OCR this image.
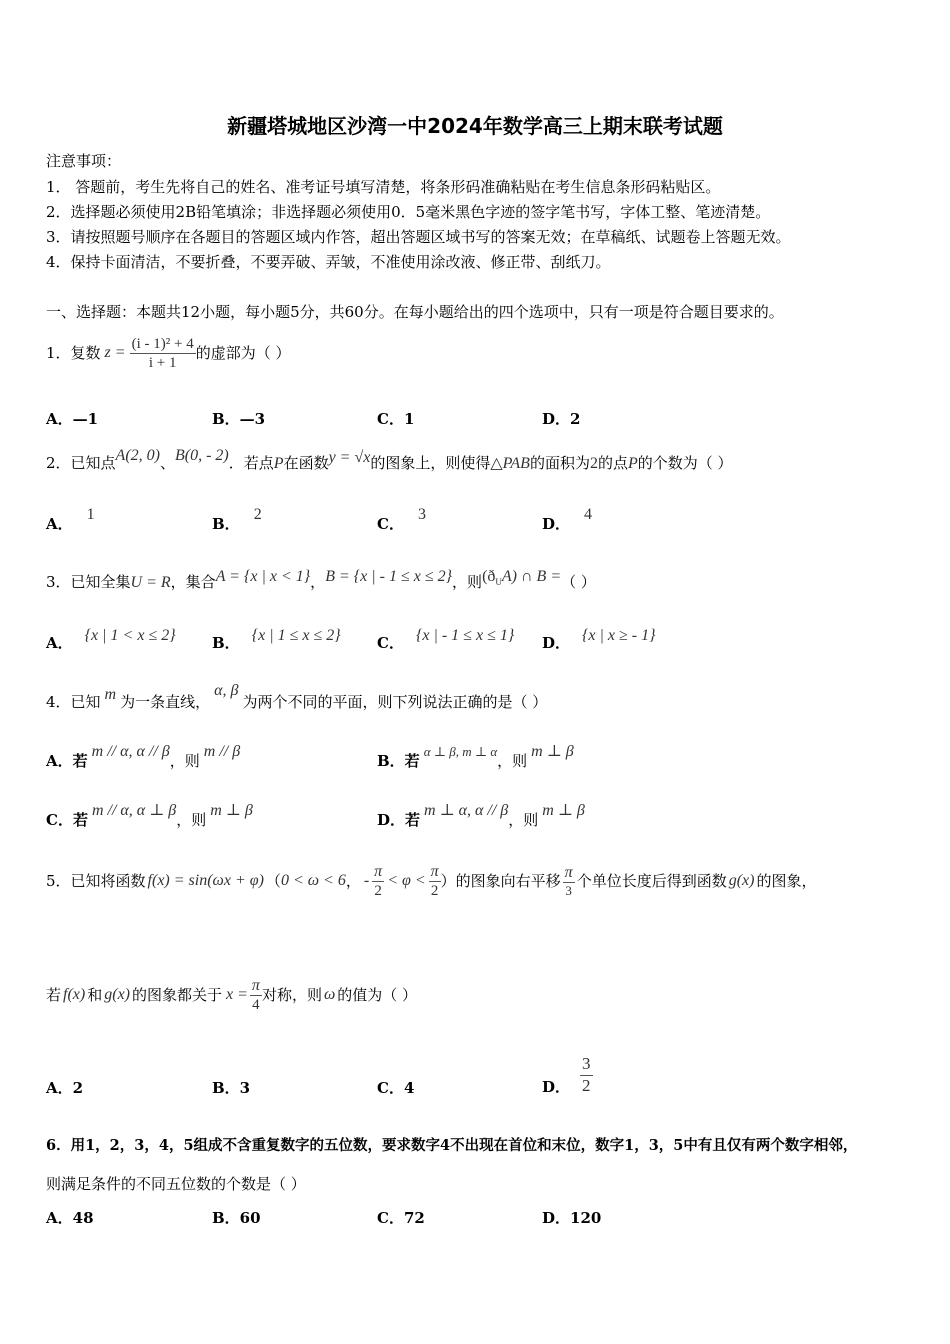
新疆塔城地区沙湾一中2024年数学高三上期末联考试题
注意事项：
1． 答题前，考生先将自己的姓名、准考证号填写清楚，将条形码准确粘贴在考生信息条形码粘贴区。
2．选择题必须使用2B铅笔填涂；非选择题必须使用0．5毫米黑色字迹的签字笔书写，字体工整、笔迹清楚。
3．请按照题号顺序在各题目的答题区域内作答，超出答题区域书写的答案无效；在草稿纸、试题卷上答题无效。
4．保持卡面清洁，不要折叠，不要弄破、弄皱，不准使用涂改液、修正带、刮纸刀。
一、选择题：本题共12小题，每小题5分，共60分。在每小题给出的四个选项中，只有一项是符合题目要求的。
1．复数 $z = \frac{\text{(i - 1)² + 4}}{i + 1}$ 的虚部为（ ）
A．—1	B．—3	C．1	D．2
2．已知点A(2, 0)、B(0, - 2)．若点P在函数y = √x的图象上，则使得△PAB的面积为2的点P的个数为（ ）
A．1
B．2
C．3
D．4
3．已知全集U = R，集合A = {x | x < 1}，B = {x | - 1 ≤ x ≤ 2}，则$(ð_UA)$ ∩ B =（ ）
A． {x | 1 < x ≤ 2} B． {x | 1 ≤ x ≤ 2} C． {x | - 1 ≤ x ≤ 1} D． {x | x ≥ - 1}
4．已知 m 为一条直线，α, β为两个不同的平面，则下列说法正确的是（ ）
A．若m // α, α // β，则m // β
B．若α ⊥ β, m ⊥ α，则m ⊥ β
C．若m // α, α ⊥ β，则m ⊥ β
D．若m ⊥ α, α // β，则m ⊥ β
5．已知将函数 f(x) = sin(ωx + φ) （ 0 < ω < 6 ， - $\frac{\pi}{2} < \varphi < \frac{\pi}{2}$ ）的图象向右平移 $\frac{\pi}{3}$ 个单位长度后得到函数 g(x) 的图象，
若 f(x) 和 g(x) 的图象都关于 $x = \frac{\pi}{4}$ 对称，则 ω 的值为（ ）
A．2	B．3	C．4	D． $\frac{3}{2}$
6．用1，2，3，4，5组成不含重复数字的五位数，要求数字4不出现在首位和末位，数字1，3，5中有且仅有两个数字相邻，
则满足条件的不同五位数的个数是（ ）
A．48	B．60	C．72	D．120
